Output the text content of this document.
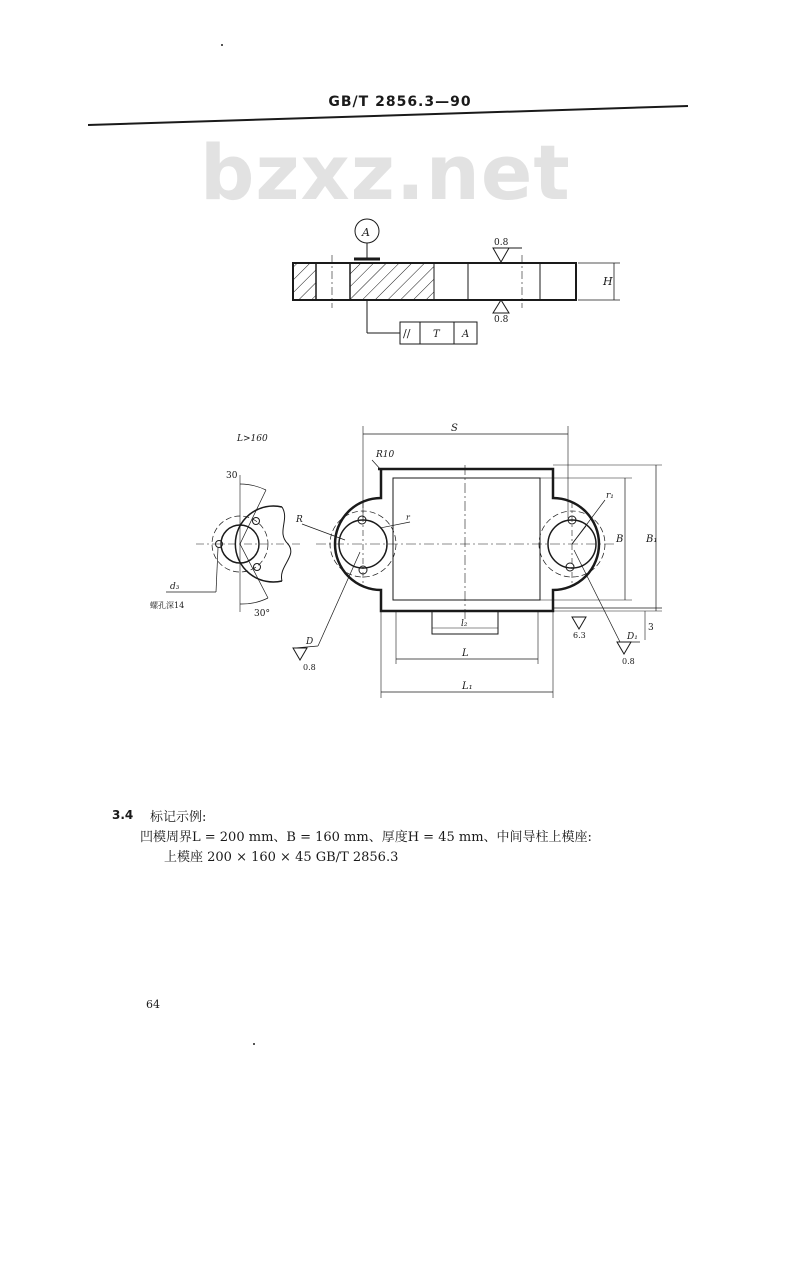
GB/T 2856.3—90
bzxz.net
A
0.8
0.8
H
// T A
L>160
30
30°
d₃
螺孔深14
S
R10
R	r
r₁
B B₁
l₂
L
L₁
3
D
0.8
D₁
0.8
6.3
3.4 标记示例:
凹模周界L = 200 mm、B = 160 mm、厚度H = 45 mm、中间导柱上模座:
上模座 200 × 160 × 45 GB/T 2856.3
64
